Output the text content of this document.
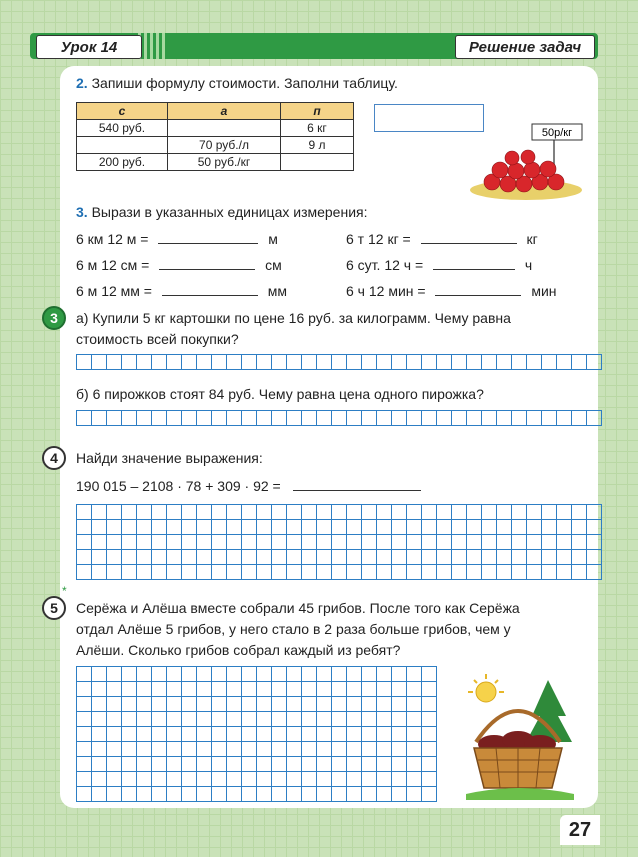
Урок 14	Решение задач
2. Запиши формулу стоимости. Заполни таблицу.
с	а	п
540 руб.		6 кг
	70 руб./л	9 л
200 руб.	50 руб./кг	
50р/кг
3. Вырази в указанных единицах измерения:
6 км 12 м =	м
6 м 12 см =	см
6 м 12 мм =	мм
6 т 12 кг =	кг
6 сут. 12 ч =	ч
6 ч 12 мин =	мин
3	а) Купили 5 кг картошки по цене 16 руб. за килограмм. Чему равна
стоимость всей покупки?
б) 6 пирожков стоят 84 руб. Чему равна цена одного пирожка?
4	Найди значение выражения:
190 015 – 2108 · 78 + 309 · 92 =
*
5	Серёжа и Алёша вместе собрали 45 грибов. После того как Серёжа
отдал Алёше 5 грибов, у него стало в 2 раза больше грибов, чем у
Алёши. Сколько грибов собрал каждый из ребят?
27
